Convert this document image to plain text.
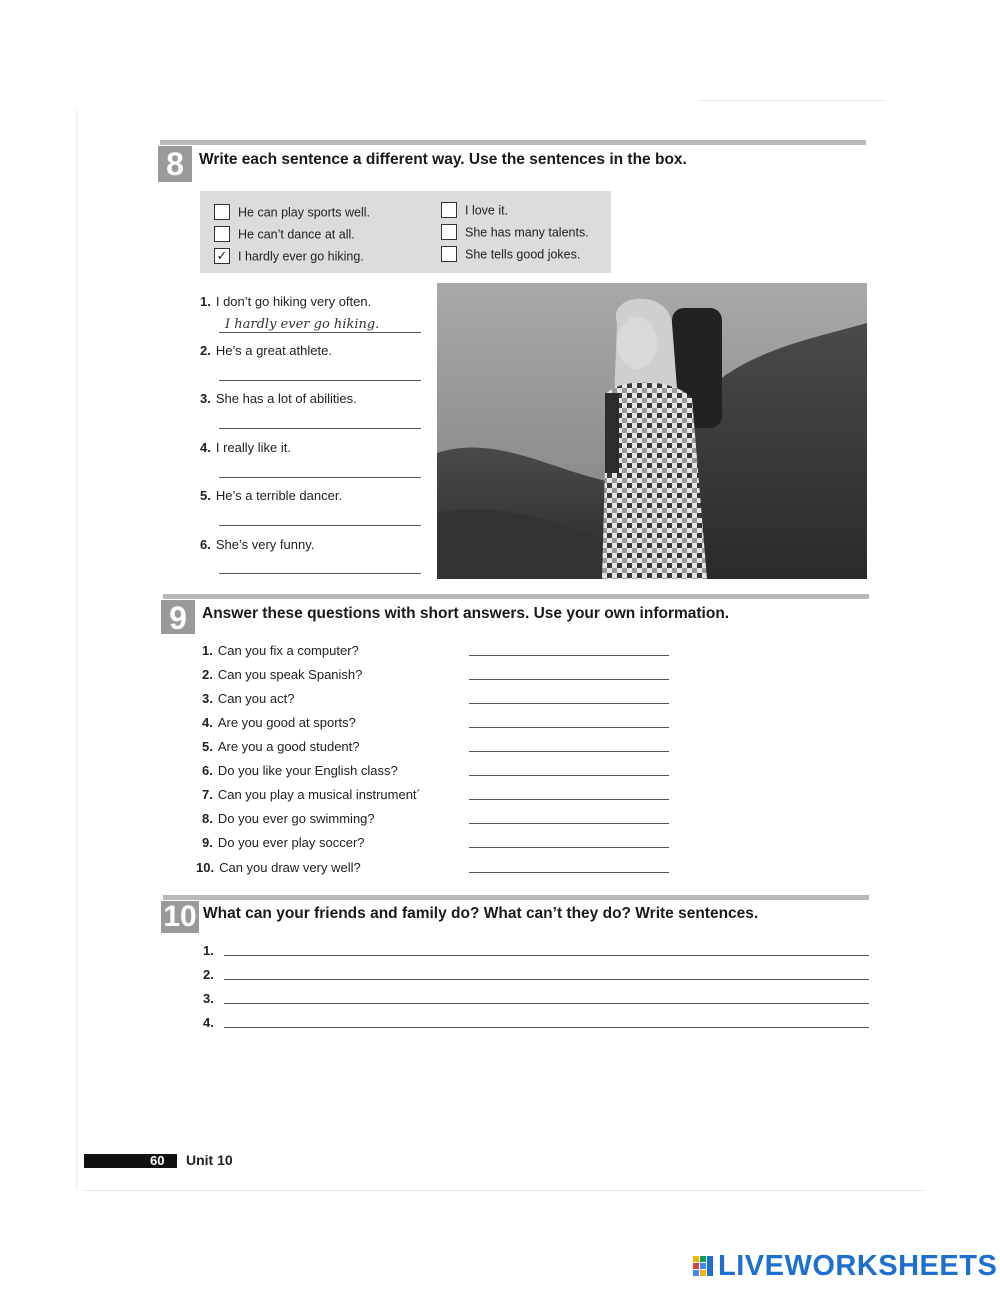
8 Write each sentence a different way. Use the sentences in the box.
He can play sports well.
He can’t dance at all.
✓ I hardly ever go hiking.
I love it.
She has many talents.
She tells good jokes.
1. I don’t go hiking very often.
I hardly ever go hiking.
2. He’s a great athlete.
3. She has a lot of abilities.
4. I really like it.
5. He’s a terrible dancer.
6. She’s very funny.
9 Answer these questions with short answers. Use your own information.
1. Can you fix a computer?
2. Can you speak Spanish?
3. Can you act?
4. Are you good at sports?
5. Are you a good student?
6. Do you like your English class?
7. Can you play a musical instrument´
8. Do you ever go swimming?
9. Do you ever play soccer?
10. Can you draw very well?
10 What can your friends and family do? What can’t they do? Write sentences.
1.
2.
3.
4.
60 Unit 10
LIVEWORKSHEETS
